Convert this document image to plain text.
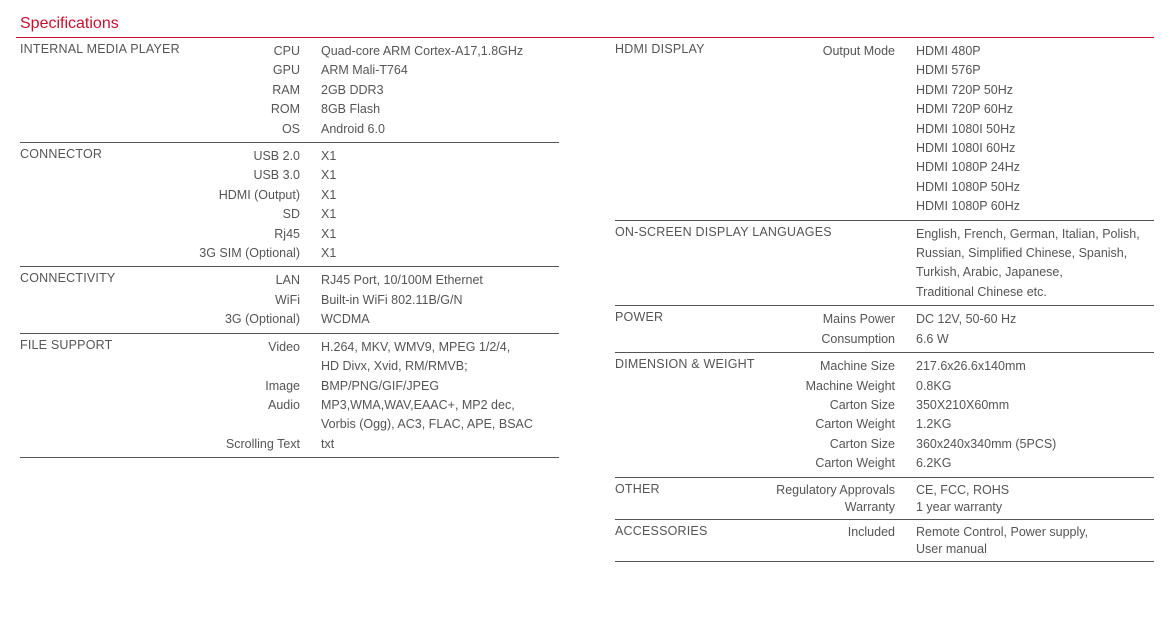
Specifications
INTERNAL MEDIA PLAYER	CPU Quad-core ARM Cortex-A17,1.8GHz
GPU ARM Mali-T764
RAM 2GB DDR3
ROM 8GB Flash
OS Android 6.0
CONNECTOR	USB 2.0 X1
USB 3.0 X1
HDMI (Output) X1
SD X1
Rj45 X1
3G SIM (Optional) X1
CONNECTIVITY	LAN RJ45 Port, 10/100M Ethernet
WiFi Built-in WiFi 802.11B/G/N
3G (Optional) WCDMA
FILE SUPPORT	Video H.264, MKV, WMV9, MPEG 1/2/4,
HD Divx, Xvid, RM/RMVB;
Image BMP/PNG/GIF/JPEG
Audio MP3,WMA,WAV,EAAC+, MP2 dec,
Vorbis (Ogg), AC3, FLAC, APE, BSAC
Scrolling Text txt
HDMI DISPLAY	Output Mode HDMI 480P
HDMI 576P
HDMI 720P 50Hz
HDMI 720P 60Hz
HDMI 1080I 50Hz
HDMI 1080I 60Hz
HDMI 1080P 24Hz
HDMI 1080P 50Hz
HDMI 1080P 60Hz
ON-SCREEN DISPLAY LANGUAGES	English, French, German, Italian, Polish,
Russian, Simplified Chinese, Spanish,
Turkish, Arabic, Japanese,
Traditional Chinese etc.
POWER	Mains Power DC 12V, 50-60 Hz
Consumption 6.6 W
DIMENSION & WEIGHT	Machine Size 217.6x26.6x140mm
Machine Weight 0.8KG
Carton Size 350X210X60mm
Carton Weight 1.2KG
Carton Size 360x240x340mm (5PCS)
Carton Weight 6.2KG
OTHER	Regulatory Approvals CE, FCC, ROHS
Warranty 1 year warranty
ACCESSORIES	Included Remote Control, Power supply,
User manual
